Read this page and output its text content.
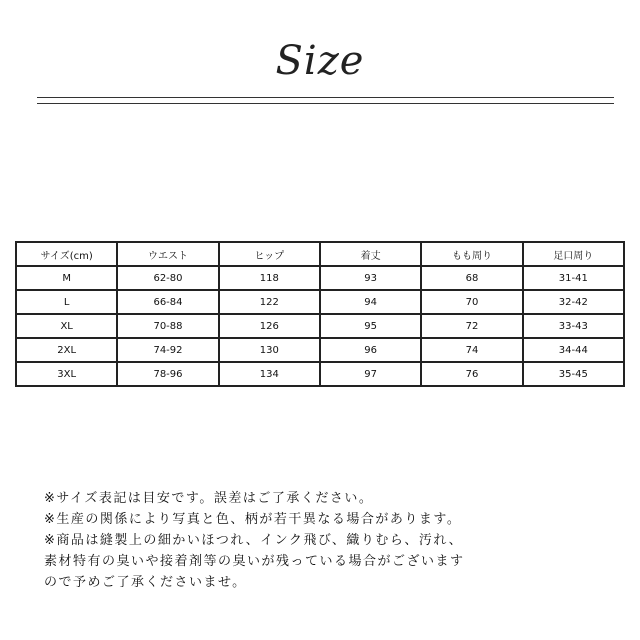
Size
サイズ(cm)	ウエスト	ヒップ	着丈	もも周り	足口周り
M	62-80	118	93	68	31-41
L	66-84	122	94	70	32-42
XL	70-88	126	95	72	33-43
2XL	74-92	130	96	74	34-44
3XL	78-96	134	97	76	35-45
※サイズ表記は目安です。誤差はご了承ください。
※生産の関係により写真と色、柄が若干異なる場合があります。
※商品は縫製上の細かいほつれ、インク飛び、織りむら、汚れ、
素材特有の臭いや接着剤等の臭いが残っている場合がございます
ので予めご了承くださいませ。
